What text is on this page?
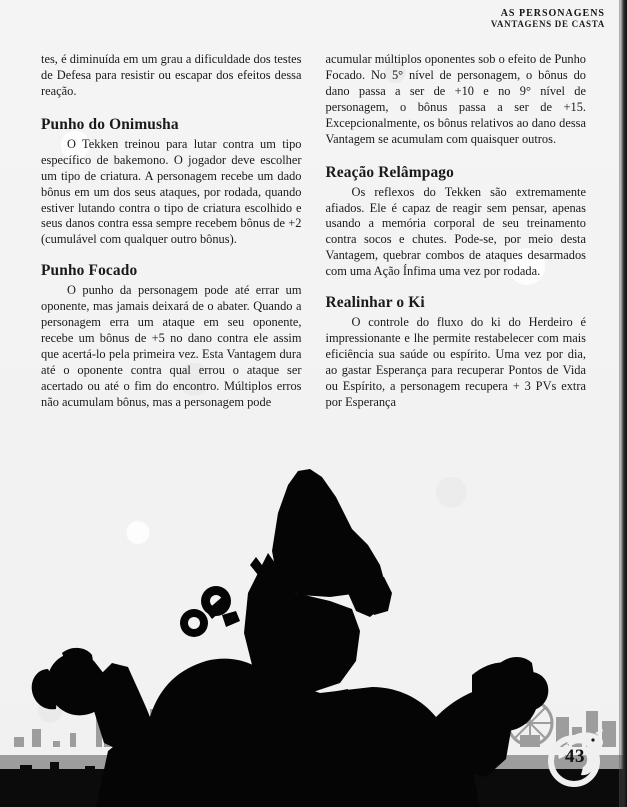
AS PERSONAGENS
VANTAGENS DE CASTA

tes, é diminuída em um grau a dificuldade dos testes de Defesa para resistir ou escapar dos efeitos dessa reação.

Punho do Onimusha

O Tekken treinou para lutar contra um tipo específico de bakemono. O jogador deve escolher um tipo de criatura. A personagem recebe um dado bônus em um dos seus ataques, por rodada, quando estiver lutando contra o tipo de criatura escolhido e seus danos contra essa sempre recebem bônus de +2 (cumulável com qualquer outro bônus).

Punho Focado

O punho da personagem pode até errar um oponente, mas jamais deixará de o abater. Quando a personagem erra um ataque em seu oponente, recebe um bônus de +5 no dano contra ele assim que acertá-lo pela primeira vez. Esta Vantagem dura até o oponente contra qual errou o ataque ser acertado ou até o fim do encontro. Múltiplos erros não acumulam bônus, mas a personagem pode

acumular múltiplos oponentes sob o efeito de Punho Focado. No 5° nível de personagem, o bônus do dano passa a ser de +10 e no 9° nível de personagem, o bônus passa a ser de +15. Excepcionalmente, os bônus relativos ao dano dessa Vantagem se acumulam com quaisquer outros.

Reação Relâmpago

Os reflexos do Tekken são extremamente afiados. Ele é capaz de reagir sem pensar, apenas usando a memória corporal de seu treinamento contra socos e chutes. Pode-se, por meio desta Vantagem, quebrar combos de ataques desarmados com uma Ação Ínfima uma vez por rodada.

Realinhar o Ki

O controle do fluxo do ki do Herdeiro é impressionante e lhe permite restabelecer com mais eficiência sua saúde ou espírito. Uma vez por dia, ao gastar Esperança para recuperar Pontos de Vida ou Espírito, a personagem recupera + 3 PVs extra por Esperança

43
